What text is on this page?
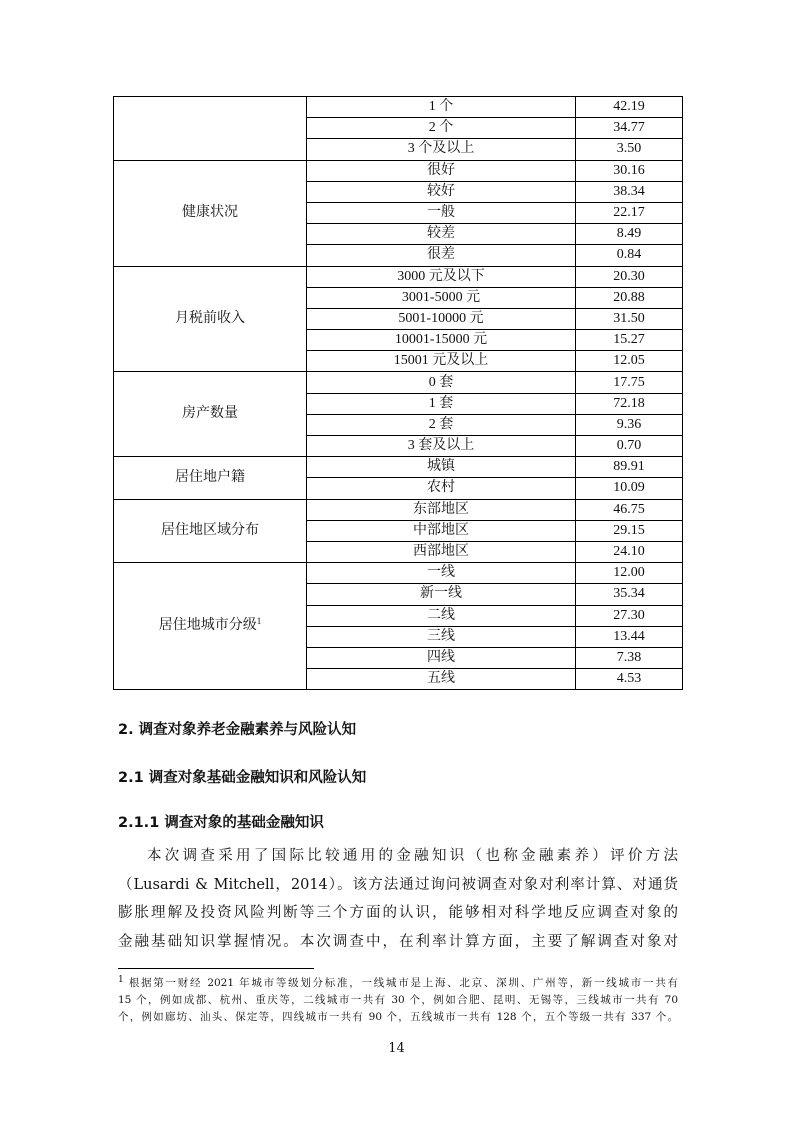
	1 个	42.19
	2 个	34.77
	3 个及以上	3.50
健康状况	很好	30.16
	较好	38.34
	一般	22.17
	较差	8.49
	很差	0.84
月税前收入	3000 元及以下	20.30
	3001-5000 元	20.88
	5001-10000 元	31.50
	10001-15000 元	15.27
	15001 元及以上	12.05
房产数量	0 套	17.75
	1 套	72.18
	2 套	9.36
	3 套及以上	0.70
居住地户籍	城镇	89.91
	农村	10.09
居住地区域分布	东部地区	46.75
	中部地区	29.15
	西部地区	24.10
居住地城市分级$^1$	一线	12.00
	新一线	35.34
	二线	27.30
	三线	13.44
	四线	7.38
	五线	4.53

2. 调查对象养老金融素养与风险认知

2.1 调查对象基础金融知识和风险认知

2.1.1 调查对象的基础金融知识

本次调查采用了国际比较通用的金融知识（也称金融素养）评价方法
（Lusardi & Mitchell，2014）。该方法通过询问被调查对象对利率计算、对通货
膨胀理解及投资风险判断等三个方面的认识，能够相对科学地反应调查对象的
金融基础知识掌握情况。本次调查中，在利率计算方面，主要了解调查对象对
$^1$ 根据第一财经 2021 年城市等级划分标准，一线城市是上海、北京、深圳、广州等，新一线城市一共有
15 个，例如成都、杭州、重庆等，二线城市一共有 30 个，例如合肥、昆明、无锡等，三线城市一共有 70
个，例如廊坊、汕头、保定等，四线城市一共有 90 个，五线城市一共有 128 个，五个等级一共有 337 个。
14
